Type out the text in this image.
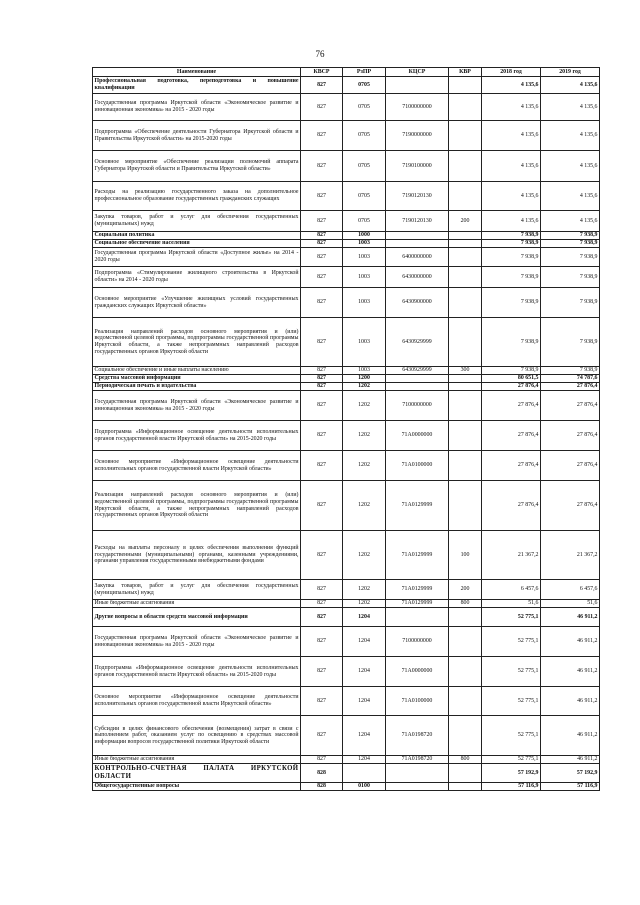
76
Наименование	КВСР	РзПР	КЦСР	КВР	2018 год	2019 год
Профессиональная подготовка, переподготовка и повышение квалификации	827	0705			4 135,6	4 135,6
Государственная программа Иркутской области «Экономическое развитие и инновационная экономика» на 2015 - 2020 годы	827	0705	7100000000		4 135,6	4 135,6
Подпрограмма «Обеспечение деятельности Губернатора Иркутской области и Правительства Иркутской области» на 2015-2020 годы	827	0705	7190000000		4 135,6	4 135,6
Основное мероприятие «Обеспечение реализации полномочий аппарата Губернатора Иркутской области и Правительства Иркутской области»	827	0705	7190100000		4 135,6	4 135,6
Расходы на реализацию государственного заказа на дополнительное профессиональное образование государственных гражданских служащих	827	0705	7190120130		4 135,6	4 135,6
Закупка товаров, работ и услуг для обеспечения государственных (муниципальных) нужд	827	0705	7190120130	200	4 135,6	4 135,6
Социальная политика	827	1000			7 938,9	7 938,9
Социальное обеспечение населения	827	1003			7 938,9	7 938,9
Государственная программа Иркутской области «Доступное жилье» на 2014 - 2020 годы	827	1003	6400000000		7 938,9	7 938,9
Подпрограмма «Стимулирование жилищного строительства в Иркутской области» на 2014 - 2020 годы	827	1003	6430000000		7 938,9	7 938,9
Основное мероприятие «Улучшение жилищных условий государственных гражданских служащих Иркутской области»	827	1003	6430900000		7 938,9	7 938,9
Реализация направлений расходов основного мероприятия и (или) ведомственной целевой программы, подпрограммы государственной программы Иркутской области, а также непрограммных направлений расходов государственных органов Иркутской области	827	1003	6430929999		7 938,9	7 938,9
Социальное обеспечение и иные выплаты населению	827	1003	6430929999	300	7 938,9	7 938,9
Средства массовой информации	827	1200			80 651,5	74 787,6
Периодическая печать и издательства	827	1202			27 876,4	27 876,4
Государственная программа Иркутской области «Экономическое развитие и инновационная экономика» на 2015 - 2020 годы	827	1202	7100000000		27 876,4	27 876,4
Подпрограмма «Информационное освещение деятельности исполнительных органов государственной власти Иркутской области» на 2015-2020 годы	827	1202	71А0000000		27 876,4	27 876,4
Основное мероприятие «Информационное освещение деятельности исполнительных органов государственной власти Иркутской области»	827	1202	71А0100000		27 876,4	27 876,4
Реализация направлений расходов основного мероприятия и (или) ведомственной целевой программы, подпрограммы государственной программы Иркутской области, а также непрограммных направлений расходов государственных органов Иркутской области	827	1202	71А0129999		27 876,4	27 876,4
Расходы на выплаты персоналу в целях обеспечения выполнения функций государственными (муниципальными) органами, казенными учреждениями, органами управления государственными внебюджетными фондами	827	1202	71А0129999	100	21 367,2	21 367,2
Закупка товаров, работ и услуг для обеспечения государственных (муниципальных) нужд	827	1202	71А0129999	200	6 457,6	6 457,6
Иные бюджетные ассигнования	827	1202	71А0129999	800	51,6	51,6
Другие вопросы в области средств массовой информации	827	1204			52 775,1	46 911,2
Государственная программа Иркутской области «Экономическое развитие и инновационная экономика» на 2015 - 2020 годы	827	1204	7100000000		52 775,1	46 911,2
Подпрограмма «Информационное освещение деятельности исполнительных органов государственной власти Иркутской области» на 2015-2020 годы	827	1204	71А0000000		52 775,1	46 911,2
Основное мероприятие «Информационное освещение деятельности исполнительных органов государственной власти Иркутской области»	827	1204	71А0100000		52 775,1	46 911,2
Субсидии в целях финансового обеспечения (возмещения) затрат в связи с выполнением работ, оказанием услуг по освещению в средствах массовой информации вопросов государственной политики Иркутской области	827	1204	71А0198720		52 775,1	46 911,2
Иные бюджетные ассигнования	827	1204	71А0198720	800	52 775,1	46 911,2
КОНТРОЛЬНО-СЧЕТНАЯ ПАЛАТА ИРКУТСКОЙ ОБЛАСТИ	828				57 192,9	57 192,9
Общегосударственные вопросы	828	0100			57 116,9	57 116,9
